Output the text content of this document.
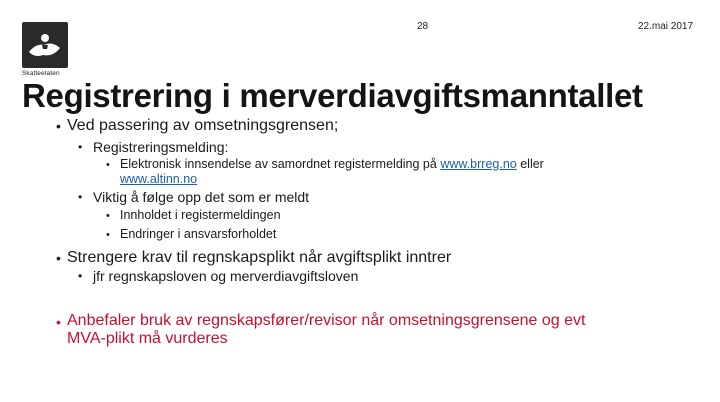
Skatteetaten
28	22.mai 2017
Registrering i merverdiavgiftsmanntallet
• Ved passering av omsetningsgrensen;
• Registreringsmelding:
• Elektronisk innsendelse av samordnet registermelding på www.brreg.no eller
www.altinn.no
• Viktig å følge opp det som er meldt
• Innholdet i registermeldingen
• Endringer i ansvarsforholdet
• Strengere krav til regnskapsplikt når avgiftsplikt inntrer
• jfr regnskapsloven og merverdiavgiftsloven
• Anbefaler bruk av regnskapsfører/revisor når omsetningsgrensene og evt
MVA-plikt må vurderes
